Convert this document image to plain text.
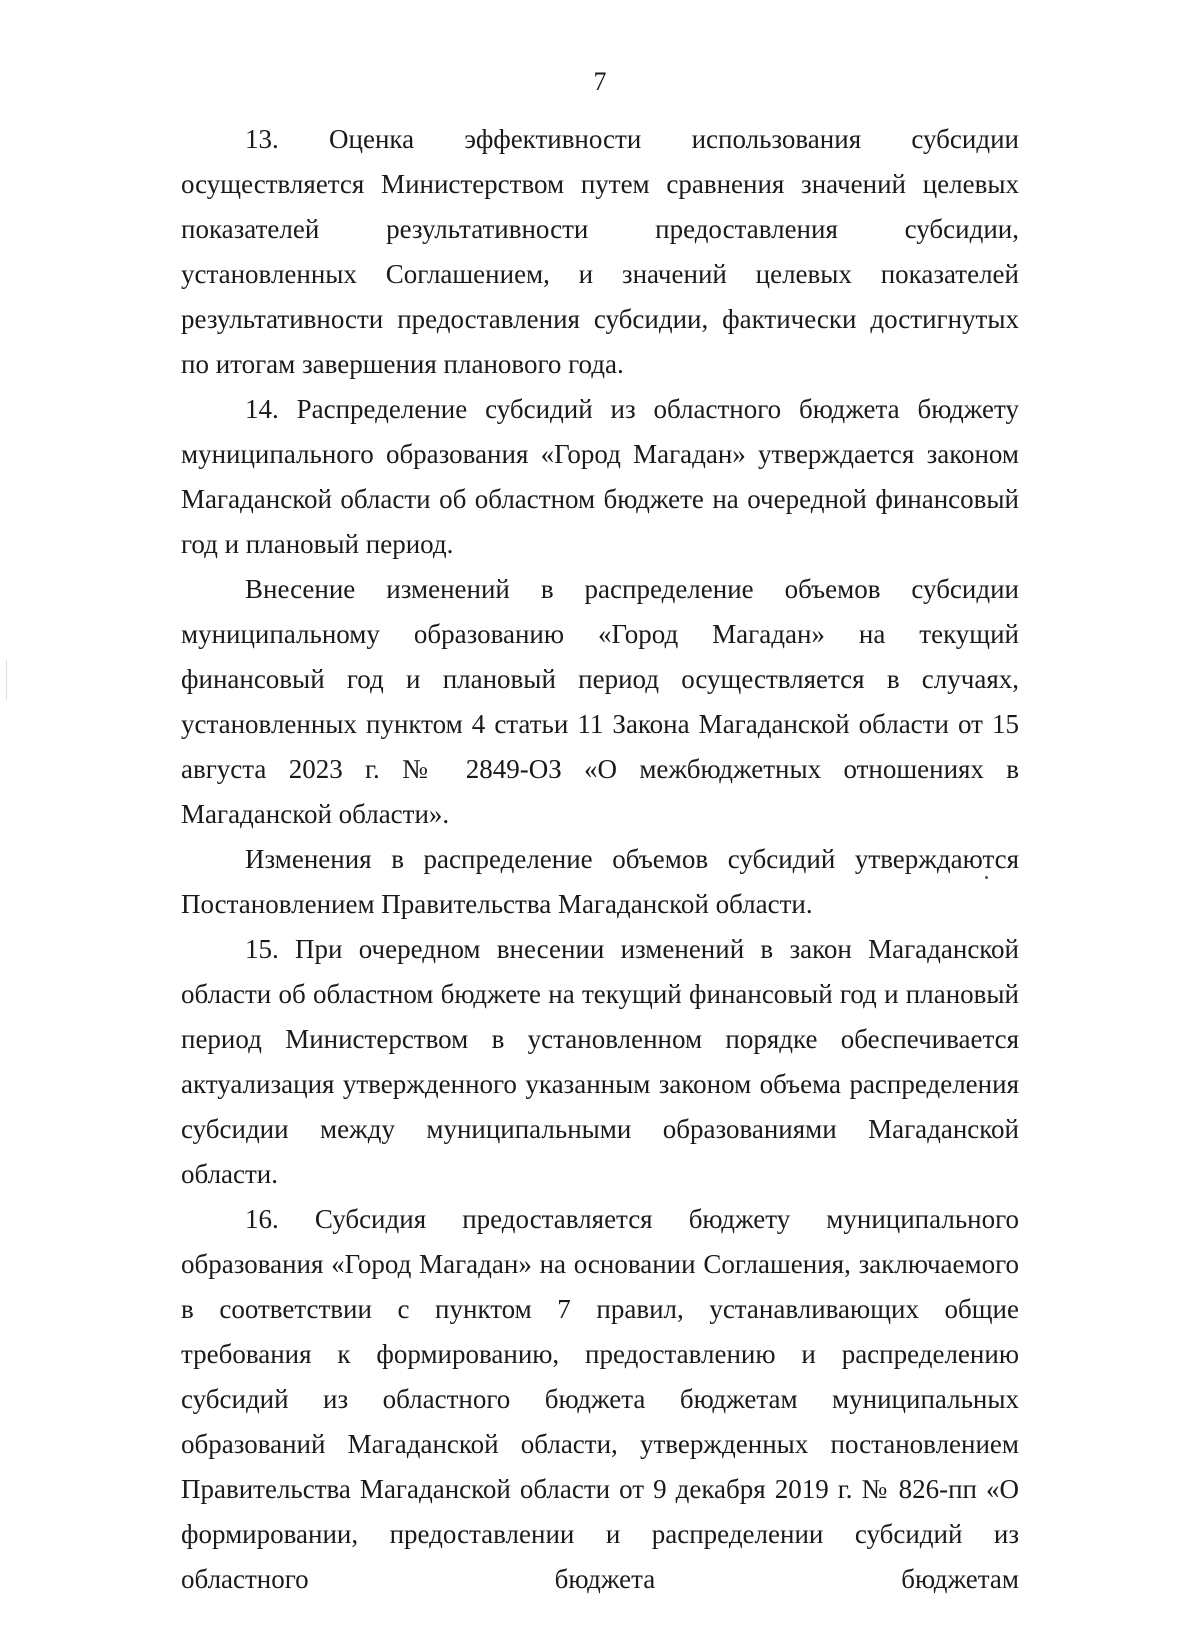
7

13. Оценка эффективности использования субсидии осуществляется Министерством путем сравнения значений целевых показателей результативности предоставления субсидии, установленных Соглашением, и значений целевых показателей результативности предоставления субсидии, фактически достигнутых по итогам завершения планового года.

14. Распределение субсидий из областного бюджета бюджету муниципального образования «Город Магадан» утверждается законом Магаданской области об областном бюджете на очередной финансовый год и плановый период.

Внесение изменений в распределение объемов субсидии муниципальному образованию «Город Магадан» на текущий финансовый год и плановый период осуществляется в случаях, установленных пунктом 4 статьи 11 Закона Магаданской области от 15 августа 2023 г. № 2849-ОЗ «О межбюджетных отношениях в Магаданской области».

Изменения в распределение объемов субсидий утверждаются Постановлением Правительства Магаданской области.

15. При очередном внесении изменений в закон Магаданской области об областном бюджете на текущий финансовый год и плановый период Министерством в установленном порядке обеспечивается актуализация утвержденного указанным законом объема распределения субсидии между муниципальными образованиями Магаданской области.

16. Субсидия предоставляется бюджету муниципального образования «Город Магадан» на основании Соглашения, заключаемого в соответствии с пунктом 7 правил, устанавливающих общие требования к формированию, предоставлению и распределению субсидий из областного бюджета бюджетам муниципальных образований Магаданской области, утвержденных постановлением Правительства Магаданской области от 9 декабря 2019 г. № 826-пп «О формировании, предоставлении и распределении субсидий из областного бюджета бюджетам
